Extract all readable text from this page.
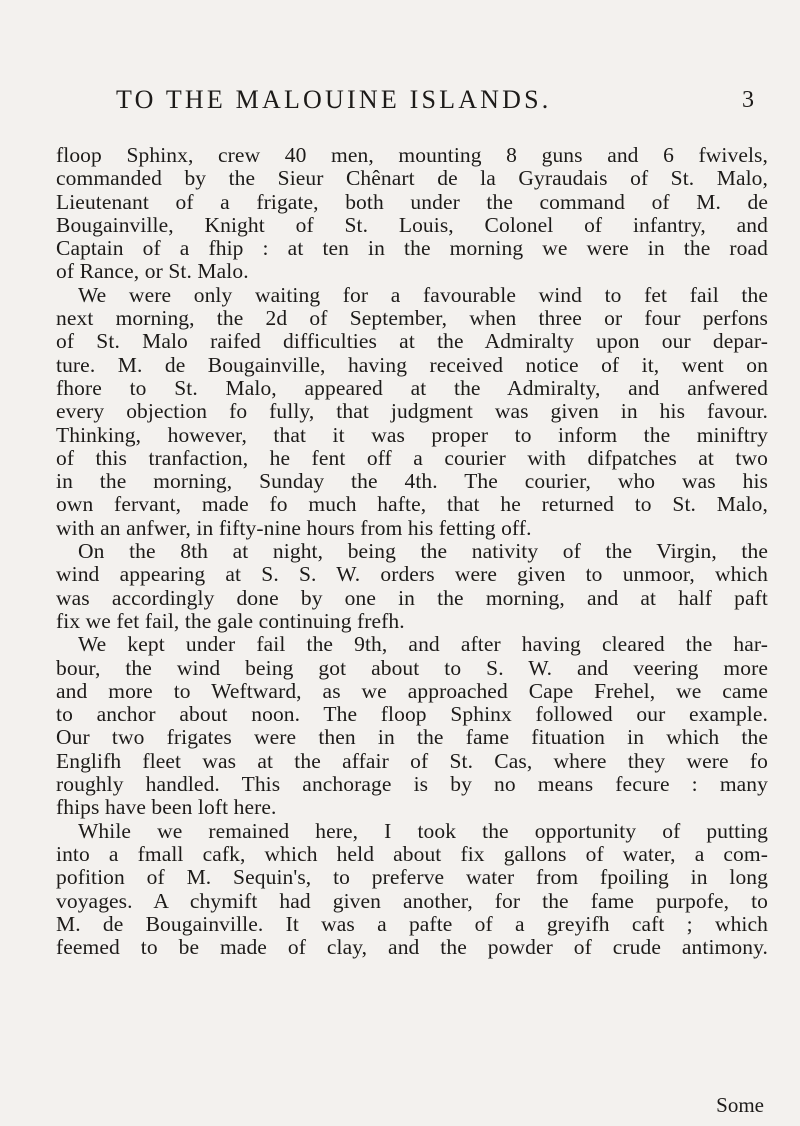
TO THE MALOUINE ISLANDS.	3
floop Sphinx, crew 40 men, mounting 8 guns and 6 fwivels,
commanded by the Sieur Chênart de la Gyraudais of St. Malo,
Lieutenant of a frigate, both under the command of M. de
Bougainville, Knight of St. Louis, Colonel of infantry, and
Captain of a fhip : at ten in the morning we were in the road
of Rance, or St. Malo.
We were only waiting for a favourable wind to fet fail the
next morning, the 2d of September, when three or four perfons
of St. Malo raifed difficulties at the Admiralty upon our depar-
ture. M. de Bougainville, having received notice of it, went on
fhore to St. Malo, appeared at the Admiralty, and anfwered
every objection fo fully, that judgment was given in his favour.
Thinking, however, that it was proper to inform the miniftry
of this tranfaction, he fent off a courier with difpatches at two
in the morning, Sunday the 4th. The courier, who was his
own fervant, made fo much hafte, that he returned to St. Malo,
with an anfwer, in fifty-nine hours from his fetting off.
On the 8th at night, being the nativity of the Virgin, the
wind appearing at S. S. W. orders were given to unmoor, which
was accordingly done by one in the morning, and at half paft
fix we fet fail, the gale continuing frefh.
We kept under fail the 9th, and after having cleared the har-
bour, the wind being got about to S. W. and veering more
and more to Weftward, as we approached Cape Frehel, we came
to anchor about noon. The floop Sphinx followed our example.
Our two frigates were then in the fame fituation in which the
Englifh fleet was at the affair of St. Cas, where they were fo
roughly handled. This anchorage is by no means fecure : many
fhips have been loft here.
While we remained here, I took the opportunity of putting
into a fmall cafk, which held about fix gallons of water, a com-
pofition of M. Sequin's, to preferve water from fpoiling in long
voyages. A chymift had given another, for the fame purpofe, to
M. de Bougainville. It was a pafte of a greyifh caft ; which
feemed to be made of clay, and the powder of crude antimony.
Some
